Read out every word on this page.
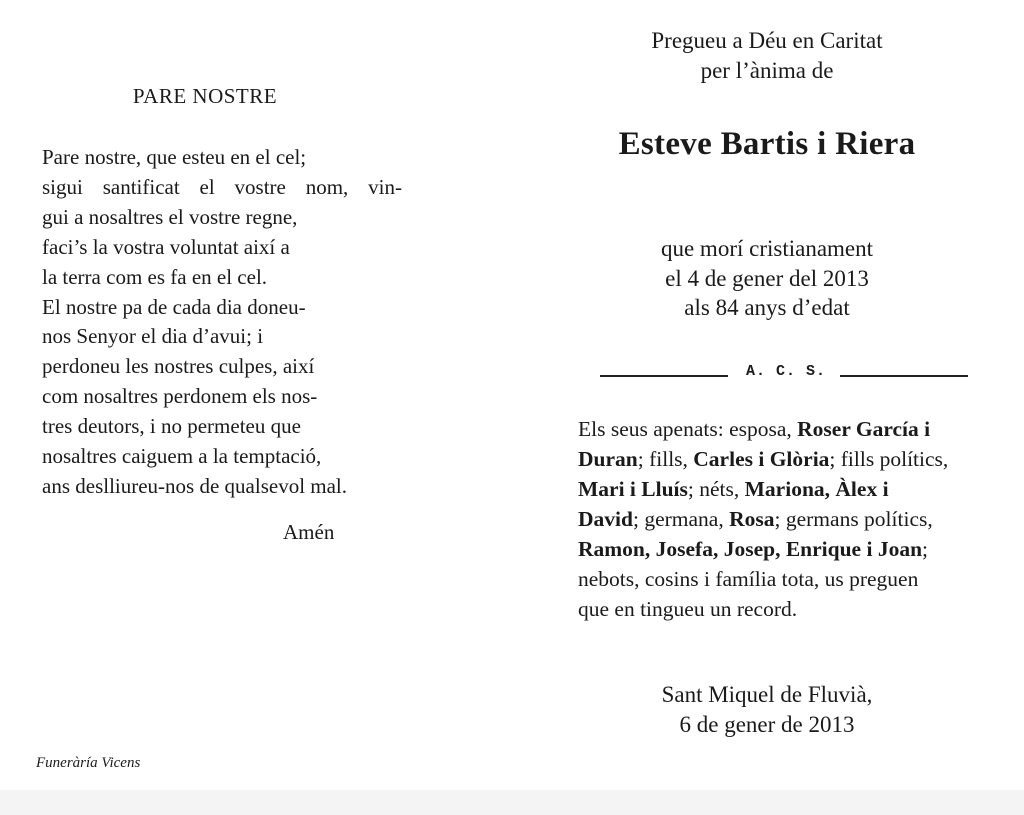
PARE NOSTRE
Pare nostre, que esteu en el cel;
sigui santificat el vostre nom, vin-
gui a nosaltres el vostre regne,
faci’s la vostra voluntat així a
la terra com es fa en el cel.
El nostre pa de cada dia doneu-
nos Senyor el dia d’avui; i
perdoneu les nostres culpes, així
com nosaltres perdonem els nos-
tres deutors, i no permeteu que
nosaltres caiguem a la temptació,
ans deslliureu-nos de qualsevol mal.
Amén
Funeràría Vicens
Pregueu a Déu en Caritat
per l’ànima de
Esteve Bartis i Riera
que morí cristianament
el 4 de gener del 2013
als 84 anys d’edat
A. C. S.
Els seus apenats: esposa, Roser García i
Duran; fills, Carles i Glòria; fills polítics,
Mari i Lluís; néts, Mariona, Àlex i
David; germana, Rosa; germans polítics,
Ramon, Josefa, Josep, Enrique i Joan;
nebots, cosins i família tota, us preguen
que en tingueu un record.
Sant Miquel de Fluvià,
6 de gener de 2013
